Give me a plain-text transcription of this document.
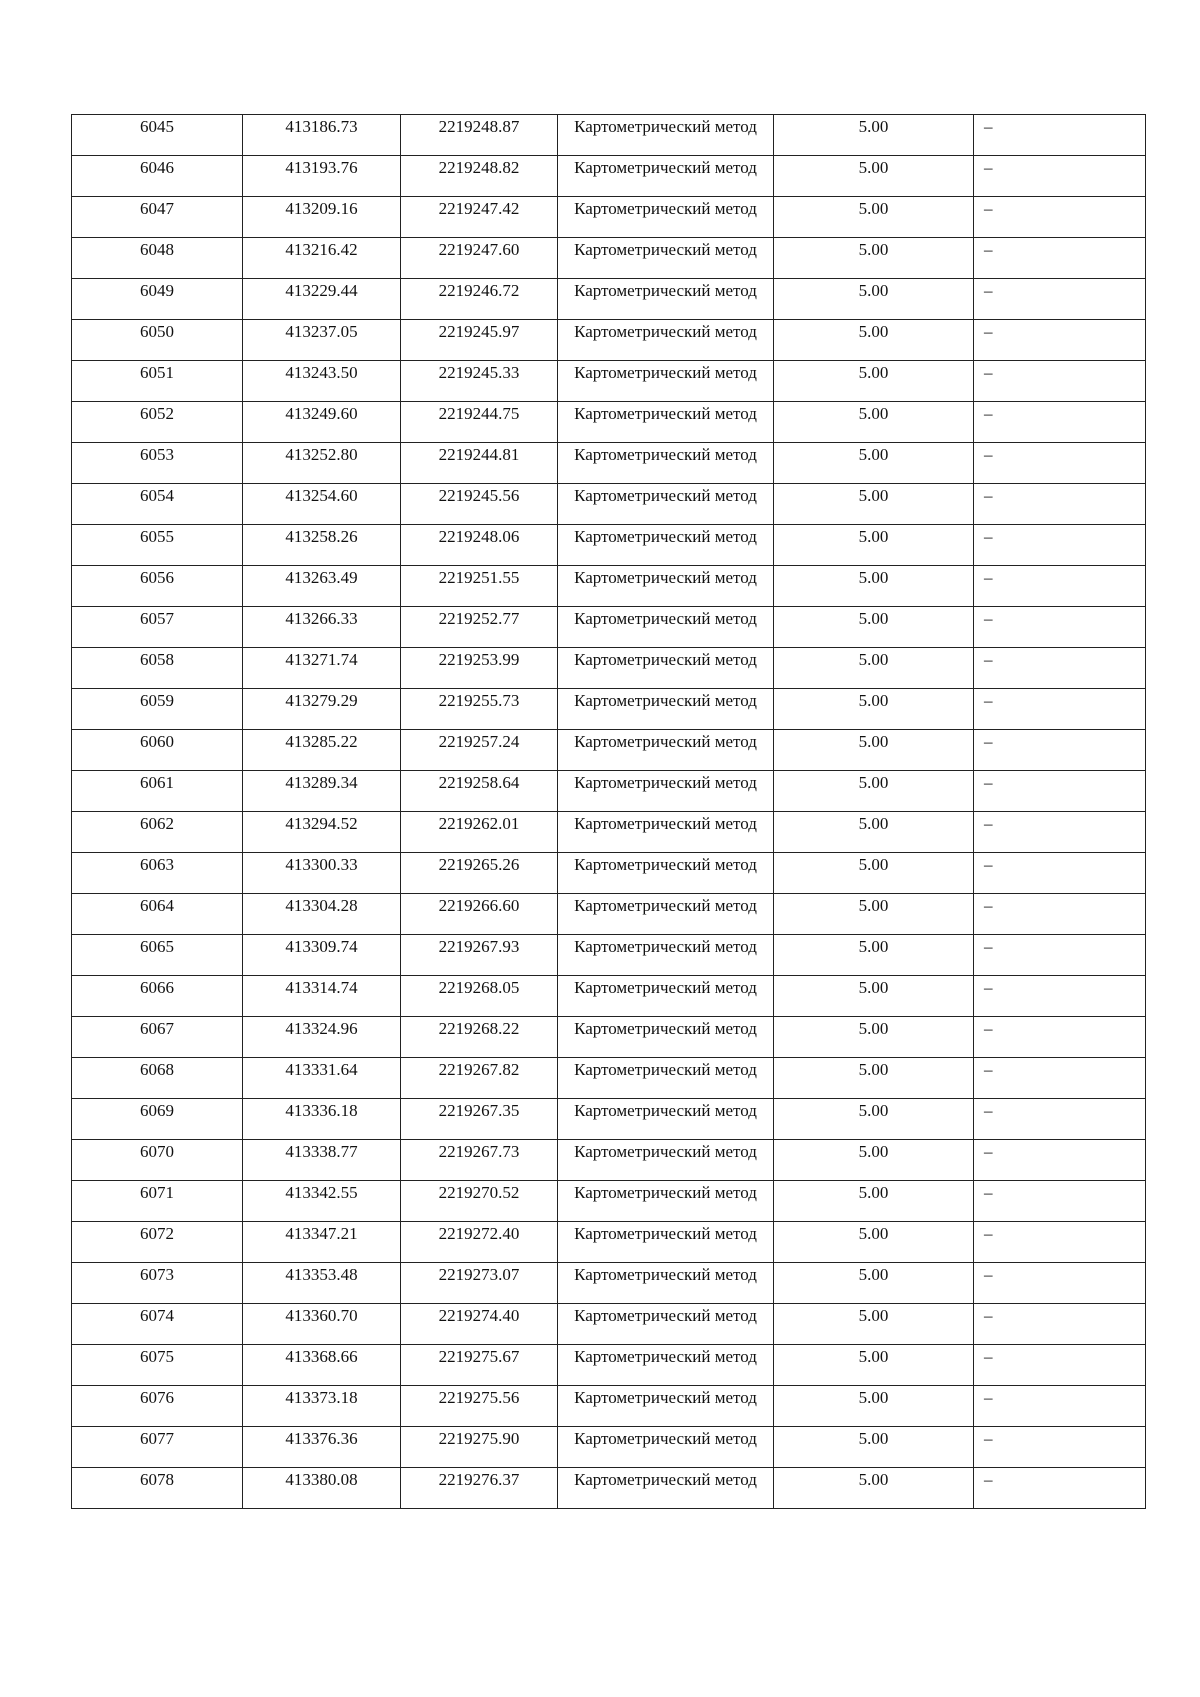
6045	413186.73	2219248.87	Картометрический метод	5.00	–

6046	413193.76	2219248.82	Картометрический метод	5.00	–

6047	413209.16	2219247.42	Картометрический метод	5.00	–

6048	413216.42	2219247.60	Картометрический метод	5.00	–

6049	413229.44	2219246.72	Картометрический метод	5.00	–

6050	413237.05	2219245.97	Картометрический метод	5.00	–

6051	413243.50	2219245.33	Картометрический метод	5.00	–

6052	413249.60	2219244.75	Картометрический метод	5.00	–

6053	413252.80	2219244.81	Картометрический метод	5.00	–

6054	413254.60	2219245.56	Картометрический метод	5.00	–

6055	413258.26	2219248.06	Картометрический метод	5.00	–

6056	413263.49	2219251.55	Картометрический метод	5.00	–

6057	413266.33	2219252.77	Картометрический метод	5.00	–

6058	413271.74	2219253.99	Картометрический метод	5.00	–

6059	413279.29	2219255.73	Картометрический метод	5.00	–

6060	413285.22	2219257.24	Картометрический метод	5.00	–

6061	413289.34	2219258.64	Картометрический метод	5.00	–

6062	413294.52	2219262.01	Картометрический метод	5.00	–

6063	413300.33	2219265.26	Картометрический метод	5.00	–

6064	413304.28	2219266.60	Картометрический метод	5.00	–

6065	413309.74	2219267.93	Картометрический метод	5.00	–

6066	413314.74	2219268.05	Картометрический метод	5.00	–

6067	413324.96	2219268.22	Картометрический метод	5.00	–

6068	413331.64	2219267.82	Картометрический метод	5.00	–

6069	413336.18	2219267.35	Картометрический метод	5.00	–

6070	413338.77	2219267.73	Картометрический метод	5.00	–

6071	413342.55	2219270.52	Картометрический метод	5.00	–

6072	413347.21	2219272.40	Картометрический метод	5.00	–

6073	413353.48	2219273.07	Картометрический метод	5.00	–

6074	413360.70	2219274.40	Картометрический метод	5.00	–

6075	413368.66	2219275.67	Картометрический метод	5.00	–

6076	413373.18	2219275.56	Картометрический метод	5.00	–

6077	413376.36	2219275.90	Картометрический метод	5.00	–

6078	413380.08	2219276.37	Картометрический метод	5.00	–
